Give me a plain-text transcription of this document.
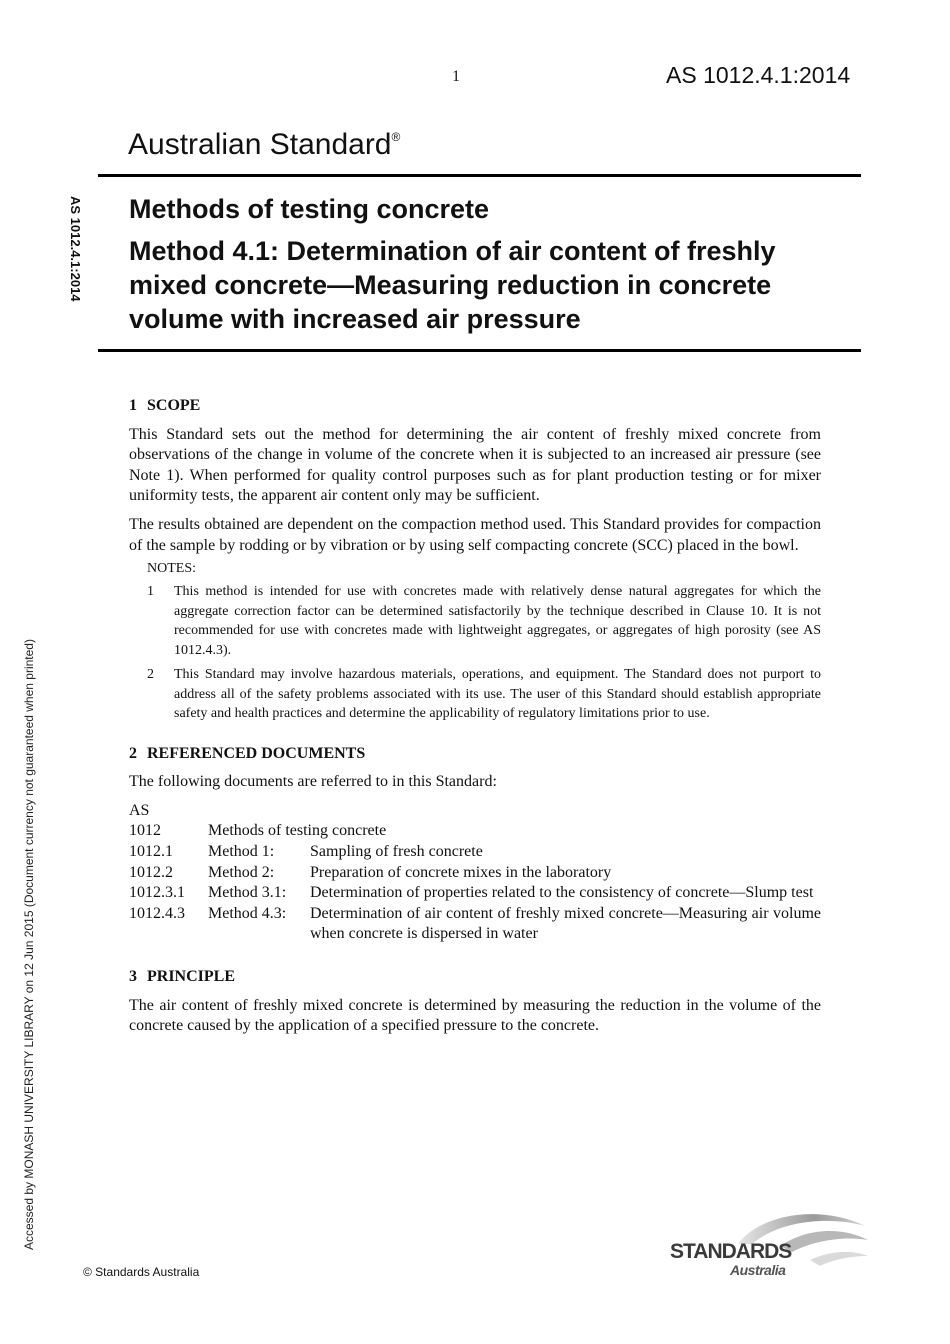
1	AS 1012.4.1:2014
Australian Standard®
AS 1012.4.1:2014 Methods of testing concrete
Method 4.1: Determination of air content of freshly mixed concrete—Measuring reduction in concrete volume with increased air pressure
Accessed by MONASH UNIVERSITY LIBRARY on 12 Jun 2015 (Document currency not guaranteed when printed)
1 SCOPE

This Standard sets out the method for determining the air content of freshly mixed concrete from observations of the change in volume of the concrete when it is subjected to an increased air pressure (see Note 1). When performed for quality control purposes such as for plant production testing or for mixer uniformity tests, the apparent air content only may be sufficient.

The results obtained are dependent on the compaction method used. This Standard provides for compaction of the sample by rodding or by vibration or by using self compacting concrete (SCC) placed in the bowl.

NOTES:
1	This method is intended for use with concretes made with relatively dense natural aggregates for which the aggregate correction factor can be determined satisfactorily by the technique described in Clause 10. It is not recommended for use with concretes made with lightweight aggregates, or aggregates of high porosity (see AS 1012.4.3).
2	This Standard may involve hazardous materials, operations, and equipment. The Standard does not purport to address all of the safety problems associated with its use. The user of this Standard should establish appropriate safety and health practices and determine the applicability of regulatory limitations prior to use.
2 REFERENCED DOCUMENTS

The following documents are referred to in this Standard:

AS
1012	Methods of testing concrete
1012.1	Method 1:	Sampling of fresh concrete
1012.2	Method 2:	Preparation of concrete mixes in the laboratory
1012.3.1	Method 3.1:	Determination of properties related to the consistency of concrete—Slump test
1012.4.3	Method 4.3:	Determination of air content of freshly mixed concrete—Measuring air volume when concrete is dispersed in water
3 PRINCIPLE

The air content of freshly mixed concrete is determined by measuring the reduction in the volume of the concrete caused by the application of a specified pressure to the concrete.

© Standards Australia
STANDARDS
Australia
